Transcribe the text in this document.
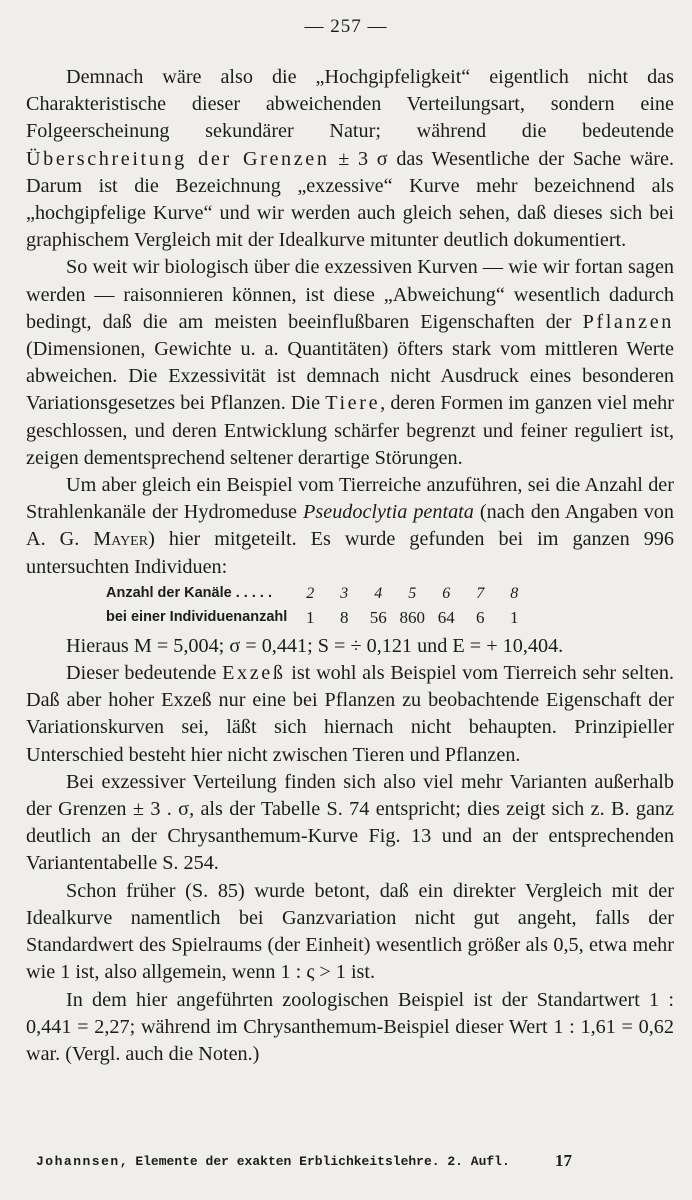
— 257 —

Demnach wäre also die „Hochgipfeligkeit“ eigentlich nicht das Charakteristische dieser abweichenden Verteilungsart, sondern eine Folgeerscheinung sekundärer Natur; während die bedeutende Überschreitung der Grenzen ± 3 σ das Wesentliche der Sache wäre. Darum ist die Bezeichnung „exzessive“ Kurve mehr bezeichnend als „hochgipfelige Kurve“ und wir werden auch gleich sehen, daß dieses sich bei graphischem Vergleich mit der Idealkurve mitunter deutlich dokumentiert.

So weit wir biologisch über die exzessiven Kurven — wie wir fortan sagen werden — raisonnieren können, ist diese „Abweichung“ wesentlich dadurch bedingt, daß die am meisten beeinflußbaren Eigenschaften der Pflanzen (Dimensionen, Gewichte u. a. Quantitäten) öfters stark vom mittleren Werte abweichen. Die Exzessivität ist demnach nicht Ausdruck eines besonderen Variationsgesetzes bei Pflanzen. Die Tiere, deren Formen im ganzen viel mehr geschlossen, und deren Entwicklung schärfer begrenzt und feiner reguliert ist, zeigen dementsprechend seltener derartige Störungen.

Um aber gleich ein Beispiel vom Tierreiche anzuführen, sei die Anzahl der Strahlenkanäle der Hydromeduse Pseudoclytia pentata (nach den Angaben von A. G. Mayer) hier mitgeteilt. Es wurde gefunden bei im ganzen 996 untersuchten Individuen:

Anzahl der Kanäle . . . . .	2	3	4	5	6	7	8
bei einer Individuenanzahl	1	8	56	860	64	6	1

Hieraus M = 5,004; σ = 0,441; S = ÷ 0,121 und E = + 10,404.

Dieser bedeutende Exzeß ist wohl als Beispiel vom Tierreich sehr selten. Daß aber hoher Exzeß nur eine bei Pflanzen zu beobachtende Eigenschaft der Variationskurven sei, läßt sich hiernach nicht behaupten. Prinzipieller Unterschied besteht hier nicht zwischen Tieren und Pflanzen.

Bei exzessiver Verteilung finden sich also viel mehr Varianten außerhalb der Grenzen ± 3 . σ, als der Tabelle S. 74 entspricht; dies zeigt sich z. B. ganz deutlich an der Chrysanthemum-Kurve Fig. 13 und an der entsprechenden Variantentabelle S. 254.

Schon früher (S. 85) wurde betont, daß ein direkter Vergleich mit der Idealkurve namentlich bei Ganzvariation nicht gut angeht, falls der Standardwert des Spielraums (der Einheit) wesentlich größer als 0,5, etwa mehr wie 1 ist, also allgemein, wenn 1 : ς > 1 ist.

In dem hier angeführten zoologischen Beispiel ist der Standartwert 1 : 0,441 = 2,27; während im Chrysanthemum-Beispiel dieser Wert 1 : 1,61 = 0,62 war. (Vergl. auch die Noten.)

Johannsen, Elemente der exakten Erblichkeitslehre. 2. Aufl.	17
